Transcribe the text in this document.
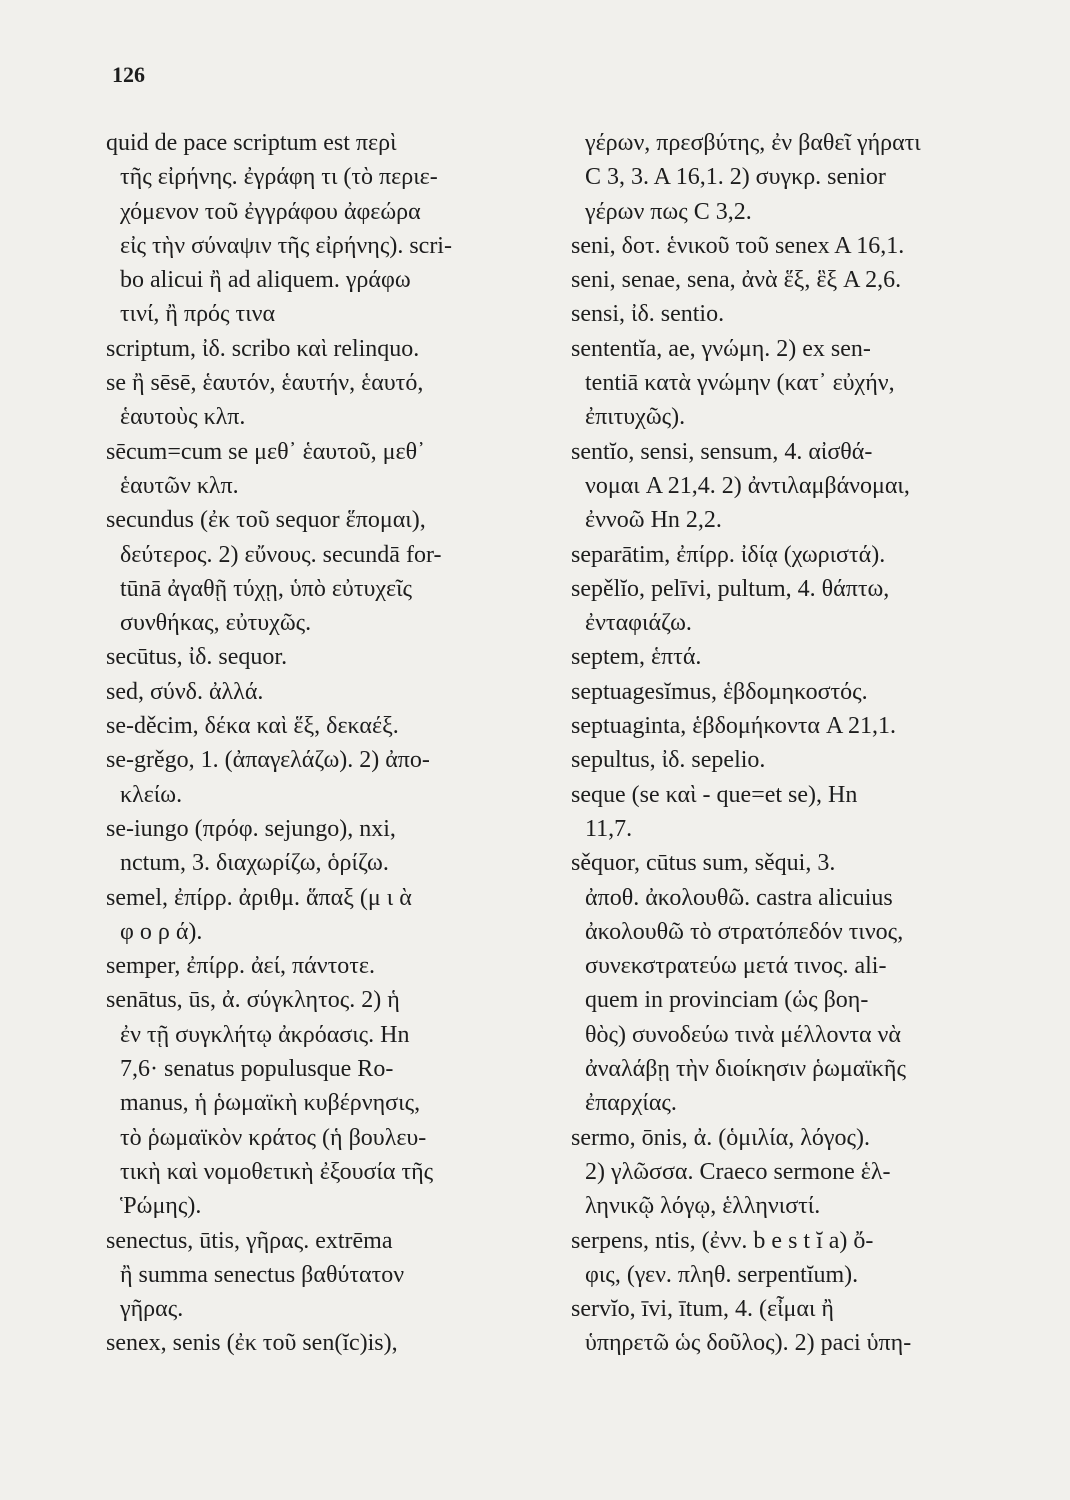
126
quid de pace scriptum est περὶ
τῆς εἰρήνης. ἐγράφη τι (τὸ περιε-
χόμενον τοῦ ἐγγράφου ἀφεώρα
εἰς τὴν σύναψιν τῆς εἰρήνης). scri-
bo alicui ἢ ad aliquem. γράφω
τινί, ἢ πρός τινα
scriptum, ἰδ. scribo καὶ relinquo.
se ἢ sēsē, ἑαυτόν, ἑαυτήν, ἑαυτό,
ἑαυτοὺς κλπ.
sēcum=cum se μεθ᾽ ἑαυτοῦ, μεθ᾽
ἑαυτῶν κλπ.
secundus (ἐκ τοῦ sequor ἕπομαι),
δεύτερος. 2) εὔνους. secundā for-
tūnā ἀγαθῇ τύχῃ, ὑπὸ εὐτυχεῖς
συνθήκας, εὐτυχῶς.
secūtus, ἰδ. sequor.
sed, σύνδ. ἀλλά.
se-děcim, δέκα καὶ ἕξ, δεκαέξ.
se-grěgo, 1. (ἀπαγελάζω). 2) ἀπο-
κλείω.
se-iungo (πρόφ. sejungo), nxi,
nctum, 3. διαχωρίζω, ὁρίζω.
semel, ἐπίρρ. ἀριθμ. ἅπαξ (μ ι ὰ
φ ο ρ ά).
semper, ἐπίρρ. ἀεί, πάντοτε.
senātus, ūs, ἀ. σύγκλητος. 2) ἡ
ἐν τῇ συγκλήτῳ ἀκρόασις. Hn
7,6· senatus populusque Ro-
manus, ἡ ῥωμαϊκὴ κυβέρνησις,
τὸ ῥωμαϊκὸν κράτος (ἡ βουλευ-
τικὴ καὶ νομοθετικὴ ἐξουσία τῆς
Ῥώμης).
senectus, ūtis, γῆρας. extrēma
ἢ summa senectus βαθύτατον
γῆρας.
senex, senis (ἐκ τοῦ sen(ĭc)is),
γέρων, πρεσβύτης, ἐν βαθεῖ γήρατι
C 3, 3. A 16,1. 2) συγκρ. senior
γέρων πως C 3,2.
seni, δοτ. ἑνικοῦ τοῦ senex A 16,1.
seni, senae, sena, ἀνὰ ἕξ, ἓξ A 2,6.
sensi, ἰδ. sentio.
sententĭa, ae, γνώμη. 2) ex sen-
tentiā κατὰ γνώμην (κατ᾽ εὐχήν,
ἐπιτυχῶς).
sentĭo, sensi, sensum, 4. αἰσθά-
νομαι A 21,4. 2) ἀντιλαμβάνομαι,
ἐννοῶ Hn 2,2.
separātim, ἐπίρρ. ἰδίᾳ (χωριστά).
sepělĭo, pelīvi, pultum, 4. θάπτω,
ἐνταφιάζω.
septem, ἑπτά.
septuagesĭmus, ἑβδομηκοστός.
septuaginta, ἑβδομήκοντα A 21,1.
sepultus, ἰδ. sepelio.
seque (se καὶ - que=et se), Hn
11,7.
sěquor, cūtus sum, sěqui, 3.
ἀποθ. ἀκολουθῶ. castra alicuius
ἀκολουθῶ τὸ στρατόπεδόν τινος,
συνεκστρατεύω μετά τινος. ali-
quem in provinciam (ὡς βοη-
θὸς) συνοδεύω τινὰ μέλλοντα νὰ
ἀναλάβῃ τὴν διοίκησιν ῥωμαϊκῆς
ἐπαρχίας.
sermo, ōnis, ἀ. (ὁμιλία, λόγος).
2) γλῶσσα. Craeco sermone ἑλ-
ληνικῷ λόγῳ, ἑλληνιστί.
serpens, ntis, (ἐνν. b e s t ĭ a) ὄ-
φις, (γεν. πληθ. serpentĭum).
servĭo, īvi, ītum, 4. (εἶμαι ἢ
ὑπηρετῶ ὡς δοῦλος). 2) paci ὑπη-
